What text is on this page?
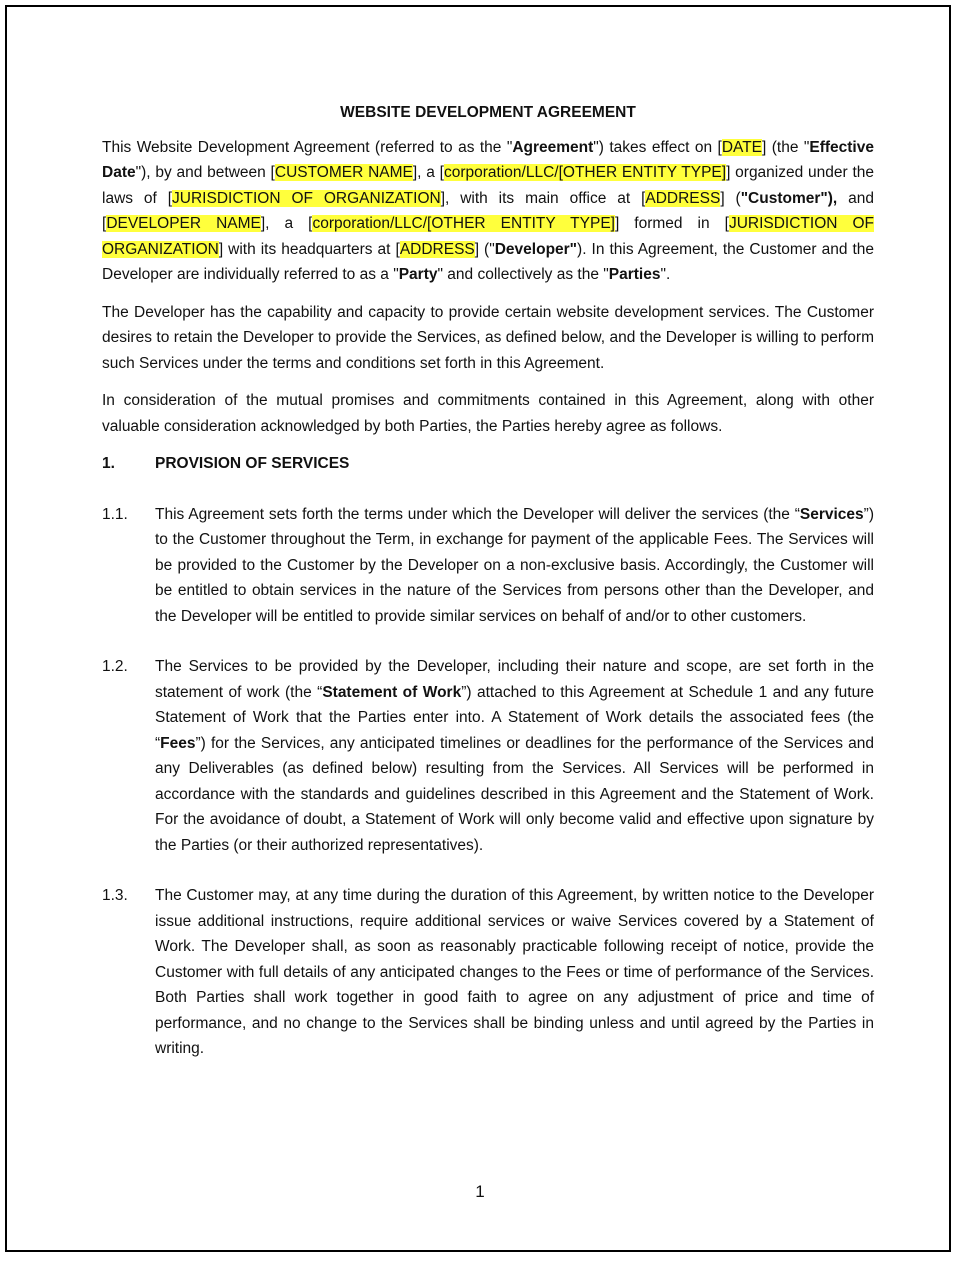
WEBSITE DEVELOPMENT AGREEMENT

This Website Development Agreement (referred to as the "Agreement") takes effect on [DATE] (the "Effective Date"), by and between [CUSTOMER NAME], a [corporation/LLC/[OTHER ENTITY TYPE]] organized under the laws of [JURISDICTION OF ORGANIZATION], with its main office at [ADDRESS] ("Customer"), and [DEVELOPER NAME], a [corporation/LLC/[OTHER ENTITY TYPE]] formed in [JURISDICTION OF ORGANIZATION] with its headquarters at [ADDRESS] ("Developer"). In this Agreement, the Customer and the Developer are individually referred to as a "Party" and collectively as the "Parties".

The Developer has the capability and capacity to provide certain website development services. The Customer desires to retain the Developer to provide the Services, as defined below, and the Developer is willing to perform such Services under the terms and conditions set forth in this Agreement.

In consideration of the mutual promises and commitments contained in this Agreement, along with other valuable consideration acknowledged by both Parties, the Parties hereby agree as follows.

1.	PROVISION OF SERVICES
1.1.	This Agreement sets forth the terms under which the Developer will deliver the services (the “Services”) to the Customer throughout the Term, in exchange for payment of the applicable Fees. The Services will be provided to the Customer by the Developer on a non-exclusive basis. Accordingly, the Customer will be entitled to obtain services in the nature of the Services from persons other than the Developer, and the Developer will be entitled to provide similar services on behalf of and/or to other customers.
1.2.	The Services to be provided by the Developer, including their nature and scope, are set forth in the statement of work (the “Statement of Work”) attached to this Agreement at Schedule 1 and any future Statement of Work that the Parties enter into. A Statement of Work details the associated fees (the “Fees”) for the Services, any anticipated timelines or deadlines for the performance of the Services and any Deliverables (as defined below) resulting from the Services. All Services will be performed in accordance with the standards and guidelines described in this Agreement and the Statement of Work. For the avoidance of doubt, a Statement of Work will only become valid and effective upon signature by the Parties (or their authorized representatives).
1.3.	The Customer may, at any time during the duration of this Agreement, by written notice to the Developer issue additional instructions, require additional services or waive Services covered by a Statement of Work. The Developer shall, as soon as reasonably practicable following receipt of notice, provide the Customer with full details of any anticipated changes to the Fees or time of performance of the Services. Both Parties shall work together in good faith to agree on any adjustment of price and time of performance, and no change to the Services shall be binding unless and until agreed by the Parties in writing.
1
